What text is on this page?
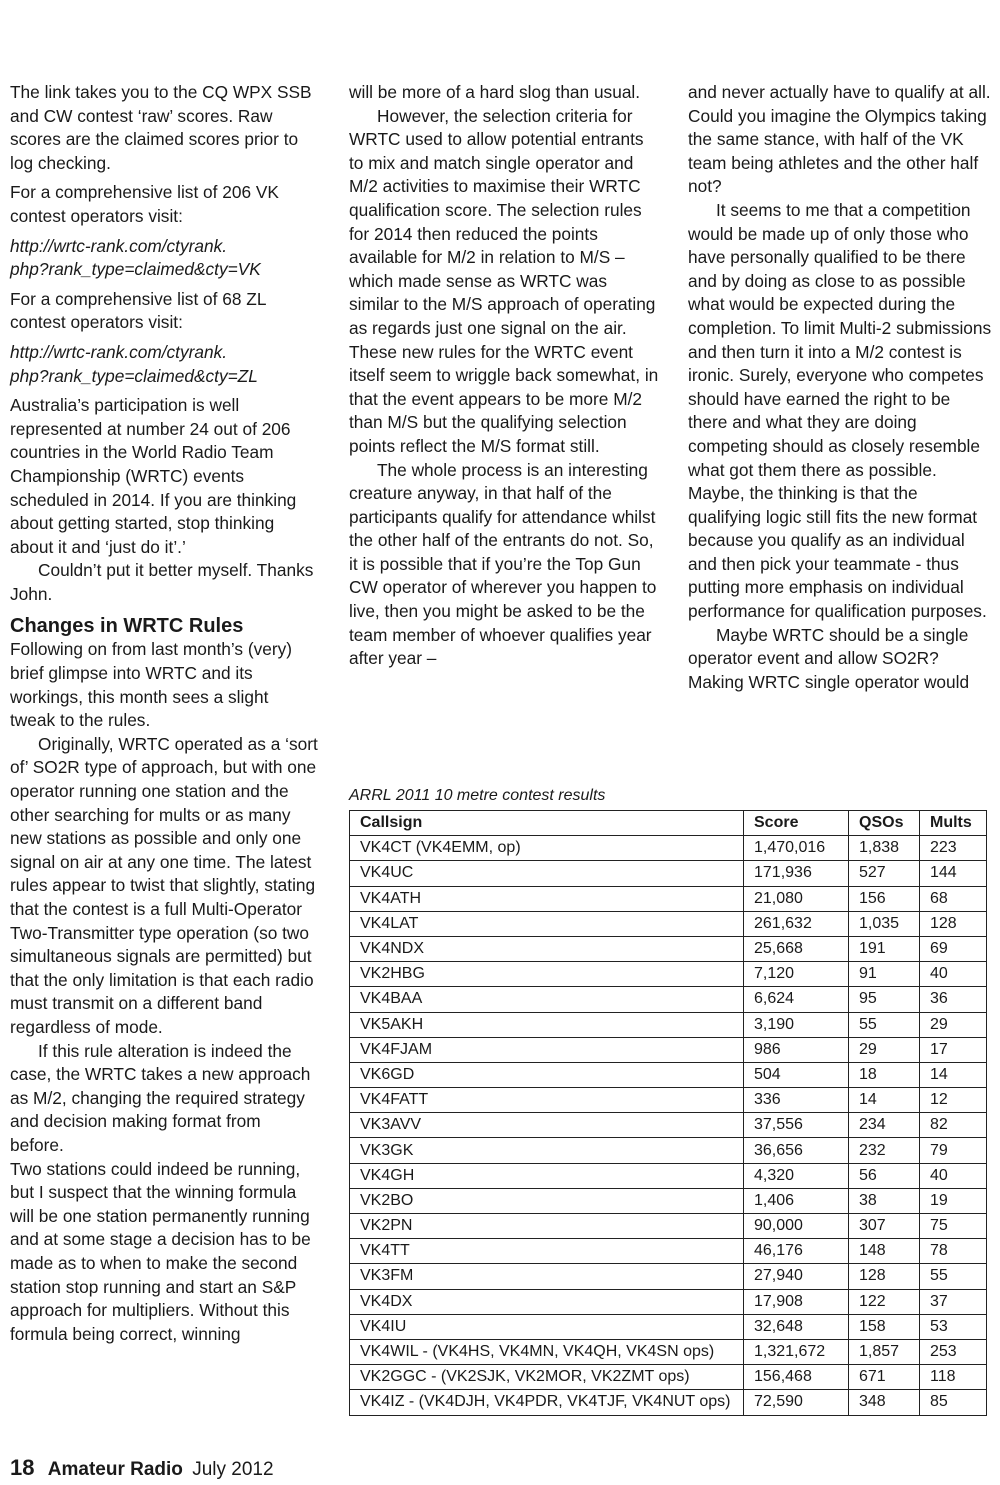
The link takes you to the CQ WPX SSB and CW contest ‘raw’ scores. Raw scores are the claimed scores prior to log checking.

For a comprehensive list of 206 VK contest operators visit:

http://wrtc-rank.com/ctyrank.
php?rank_type=claimed&cty=VK

For a comprehensive list of 68 ZL contest operators visit:

http://wrtc-rank.com/ctyrank.
php?rank_type=claimed&cty=ZL

Australia’s participation is well represented at number 24 out of 206 countries in the World Radio Team Championship (WRTC) events scheduled in 2014. If you are thinking about getting started, stop thinking about it and ‘just do it’.’

Couldn’t put it better myself. Thanks John.

Changes in WRTC Rules

Following on from last month’s (very) brief glimpse into WRTC and its workings, this month sees a slight tweak to the rules.

Originally, WRTC operated as a ‘sort of’ SO2R type of approach, but with one operator running one station and the other searching for mults or as many new stations as possible and only one signal on air at any one time. The latest rules appear to twist that slightly, stating that the contest is a full Multi-Operator Two-Transmitter type operation (so two simultaneous signals are permitted) but that the only limitation is that each radio must transmit on a different band regardless of mode.

If this rule alteration is indeed the case, the WRTC takes a new approach as M/2, changing the required strategy and decision making format from before.

Two stations could indeed be running, but I suspect that the winning formula will be one station permanently running and at some stage a decision has to be made as to when to make the second station stop running and start an S&P approach for multipliers. Without this formula being correct, winning

will be more of a hard slog than usual.

However, the selection criteria for WRTC used to allow potential entrants to mix and match single operator and M/2 activities to maximise their WRTC qualification score. The selection rules for 2014 then reduced the points available for M/2 in relation to M/S – which made sense as WRTC was similar to the M/S approach of operating as regards just one signal on the air. These new rules for the WRTC event itself seem to wriggle back somewhat, in that the event appears to be more M/2 than M/S but the qualifying selection points reflect the M/S format still.

The whole process is an interesting creature anyway, in that half of the participants qualify for attendance whilst the other half of the entrants do not. So, it is possible that if you’re the Top Gun CW operator of wherever you happen to live, then you might be asked to be the team member of whoever qualifies year after year –

and never actually have to qualify at all. Could you imagine the Olympics taking the same stance, with half of the VK team being athletes and the other half not?

It seems to me that a competition would be made up of only those who have personally qualified to be there and by doing as close to as possible what would be expected during the completion. To limit Multi-2 submissions and then turn it into a M/2 contest is ironic. Surely, everyone who competes should have earned the right to be there and what they are doing competing should as closely resemble what got them there as possible. Maybe, the thinking is that the qualifying logic still fits the new format because you qualify as an individual and then pick your teammate - thus putting more emphasis on individual performance for qualification purposes.

Maybe WRTC should be a single operator event and allow SO2R? Making WRTC single operator would

ARRL 2011 10 metre contest results
Callsign	Score	QSOs	Mults
VK4CT (VK4EMM, op)	1,470,016	1,838	223
VK4UC	171,936	527	144
VK4ATH	21,080	156	68
VK4LAT	261,632	1,035	128
VK4NDX	25,668	191	69
VK2HBG	7,120	91	40
VK4BAA	6,624	95	36
VK5AKH	3,190	55	29
VK4FJAM	986	29	17
VK6GD	504	18	14
VK4FATT	336	14	12
VK3AVV	37,556	234	82
VK3GK	36,656	232	79
VK4GH	4,320	56	40
VK2BO	1,406	38	19
VK2PN	90,000	307	75
VK4TT	46,176	148	78
VK3FM	27,940	128	55
VK4DX	17,908	122	37
VK4IU	32,648	158	53
VK4WIL - (VK4HS, VK4MN, VK4QH, VK4SN ops)	1,321,672	1,857	253
VK2GGC - (VK2SJK, VK2MOR, VK2ZMT ops)	156,468	671	118
VK4IZ - (VK4DJH, VK4PDR, VK4TJF, VK4NUT ops)	72,590	348	85
18 Amateur Radio July 2012
